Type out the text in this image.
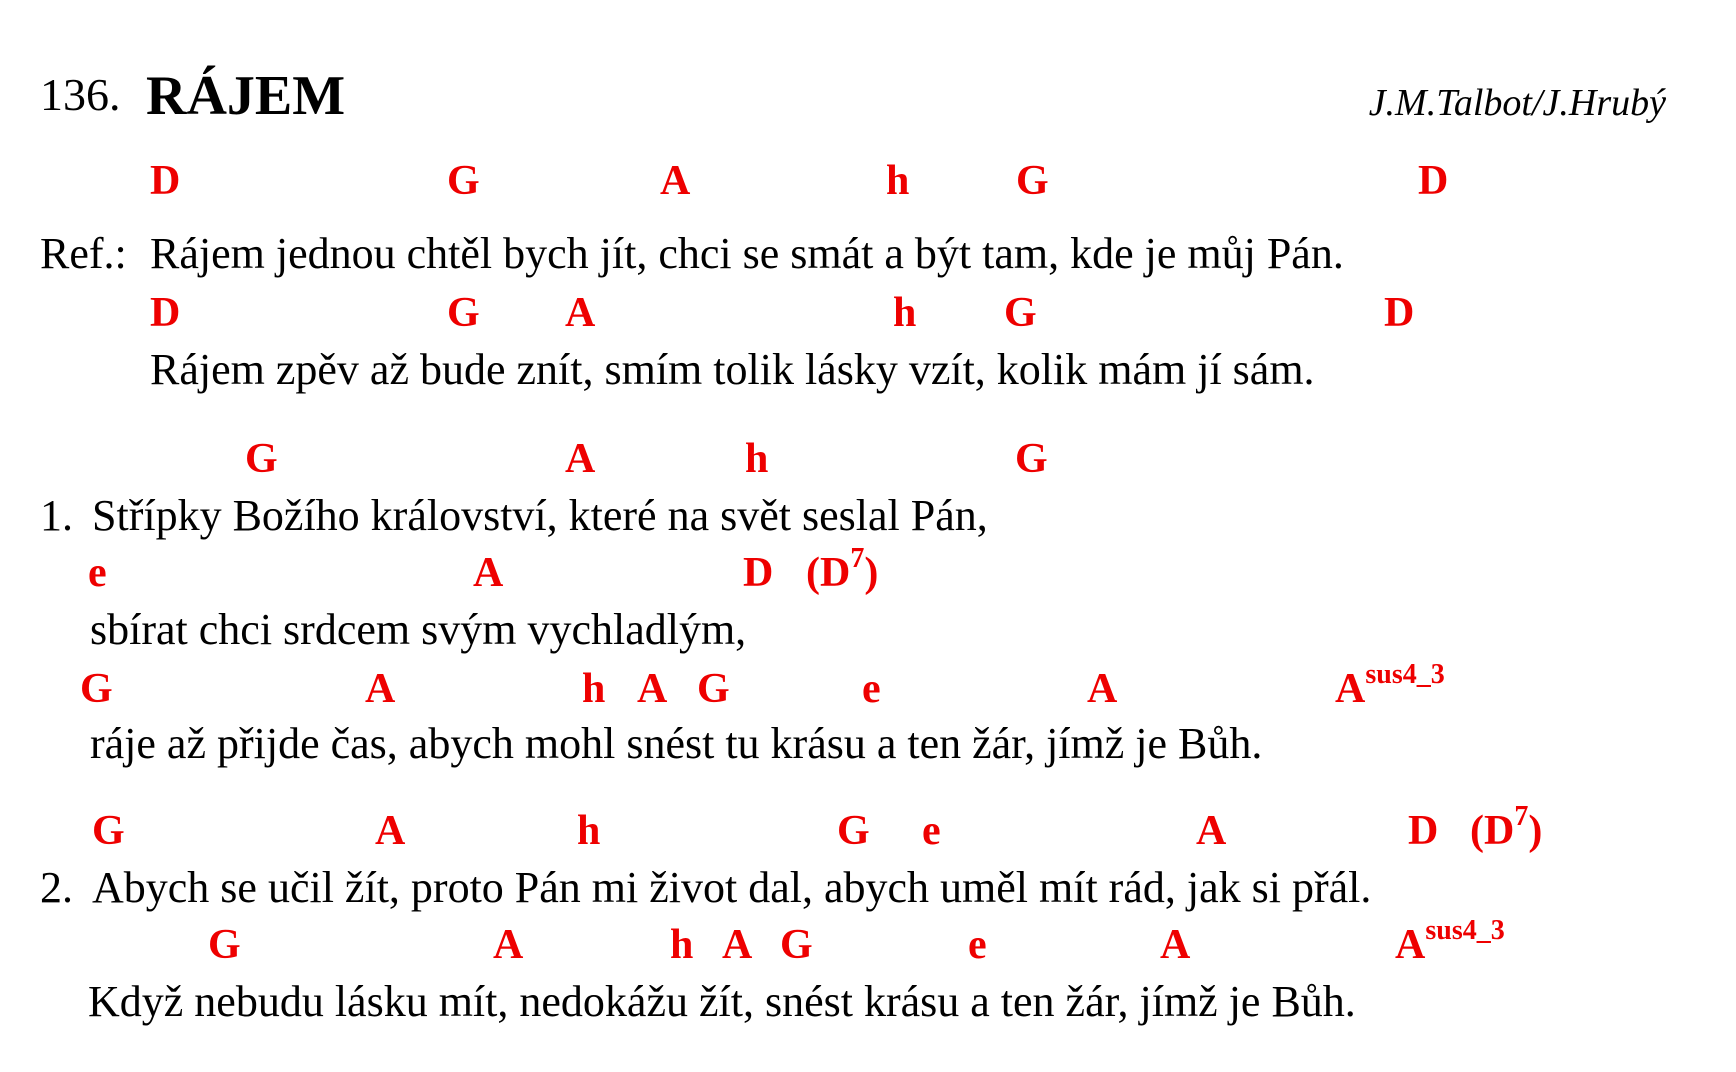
136. RÁJEM	J.M.Talbot/J.Hrubý
D	G	A	h	G	D
Ref.: Rájem jednou chtěl bych jít, chci se smát a být tam, kde je můj Pán.
D	G A	h G	D
Rájem zpěv až bude znít, smím tolik lásky vzít, kolik mám jí sám.
G	A	h	G
1. Střípky Božího království, které na svět seslal Pán,
e	A	D $(D^7)$
sbírat chci srdcem svým vychladlým,
G	A	h A G	e	A	$A^{sus4\_3}$
ráje až přijde čas, abych mohl snést tu krásu a ten žár, jímž je Bůh.
G	A	h	G e	A	D $(D^7)$
2. Abych se učil žít, proto Pán mi život dal, abych uměl mít rád, jak si přál.
G	A	h A G	e	A	$A^{sus4\_3}$
Když nebudu lásku mít, nedokážu žít, snést krásu a ten žár, jímž je Bůh.
